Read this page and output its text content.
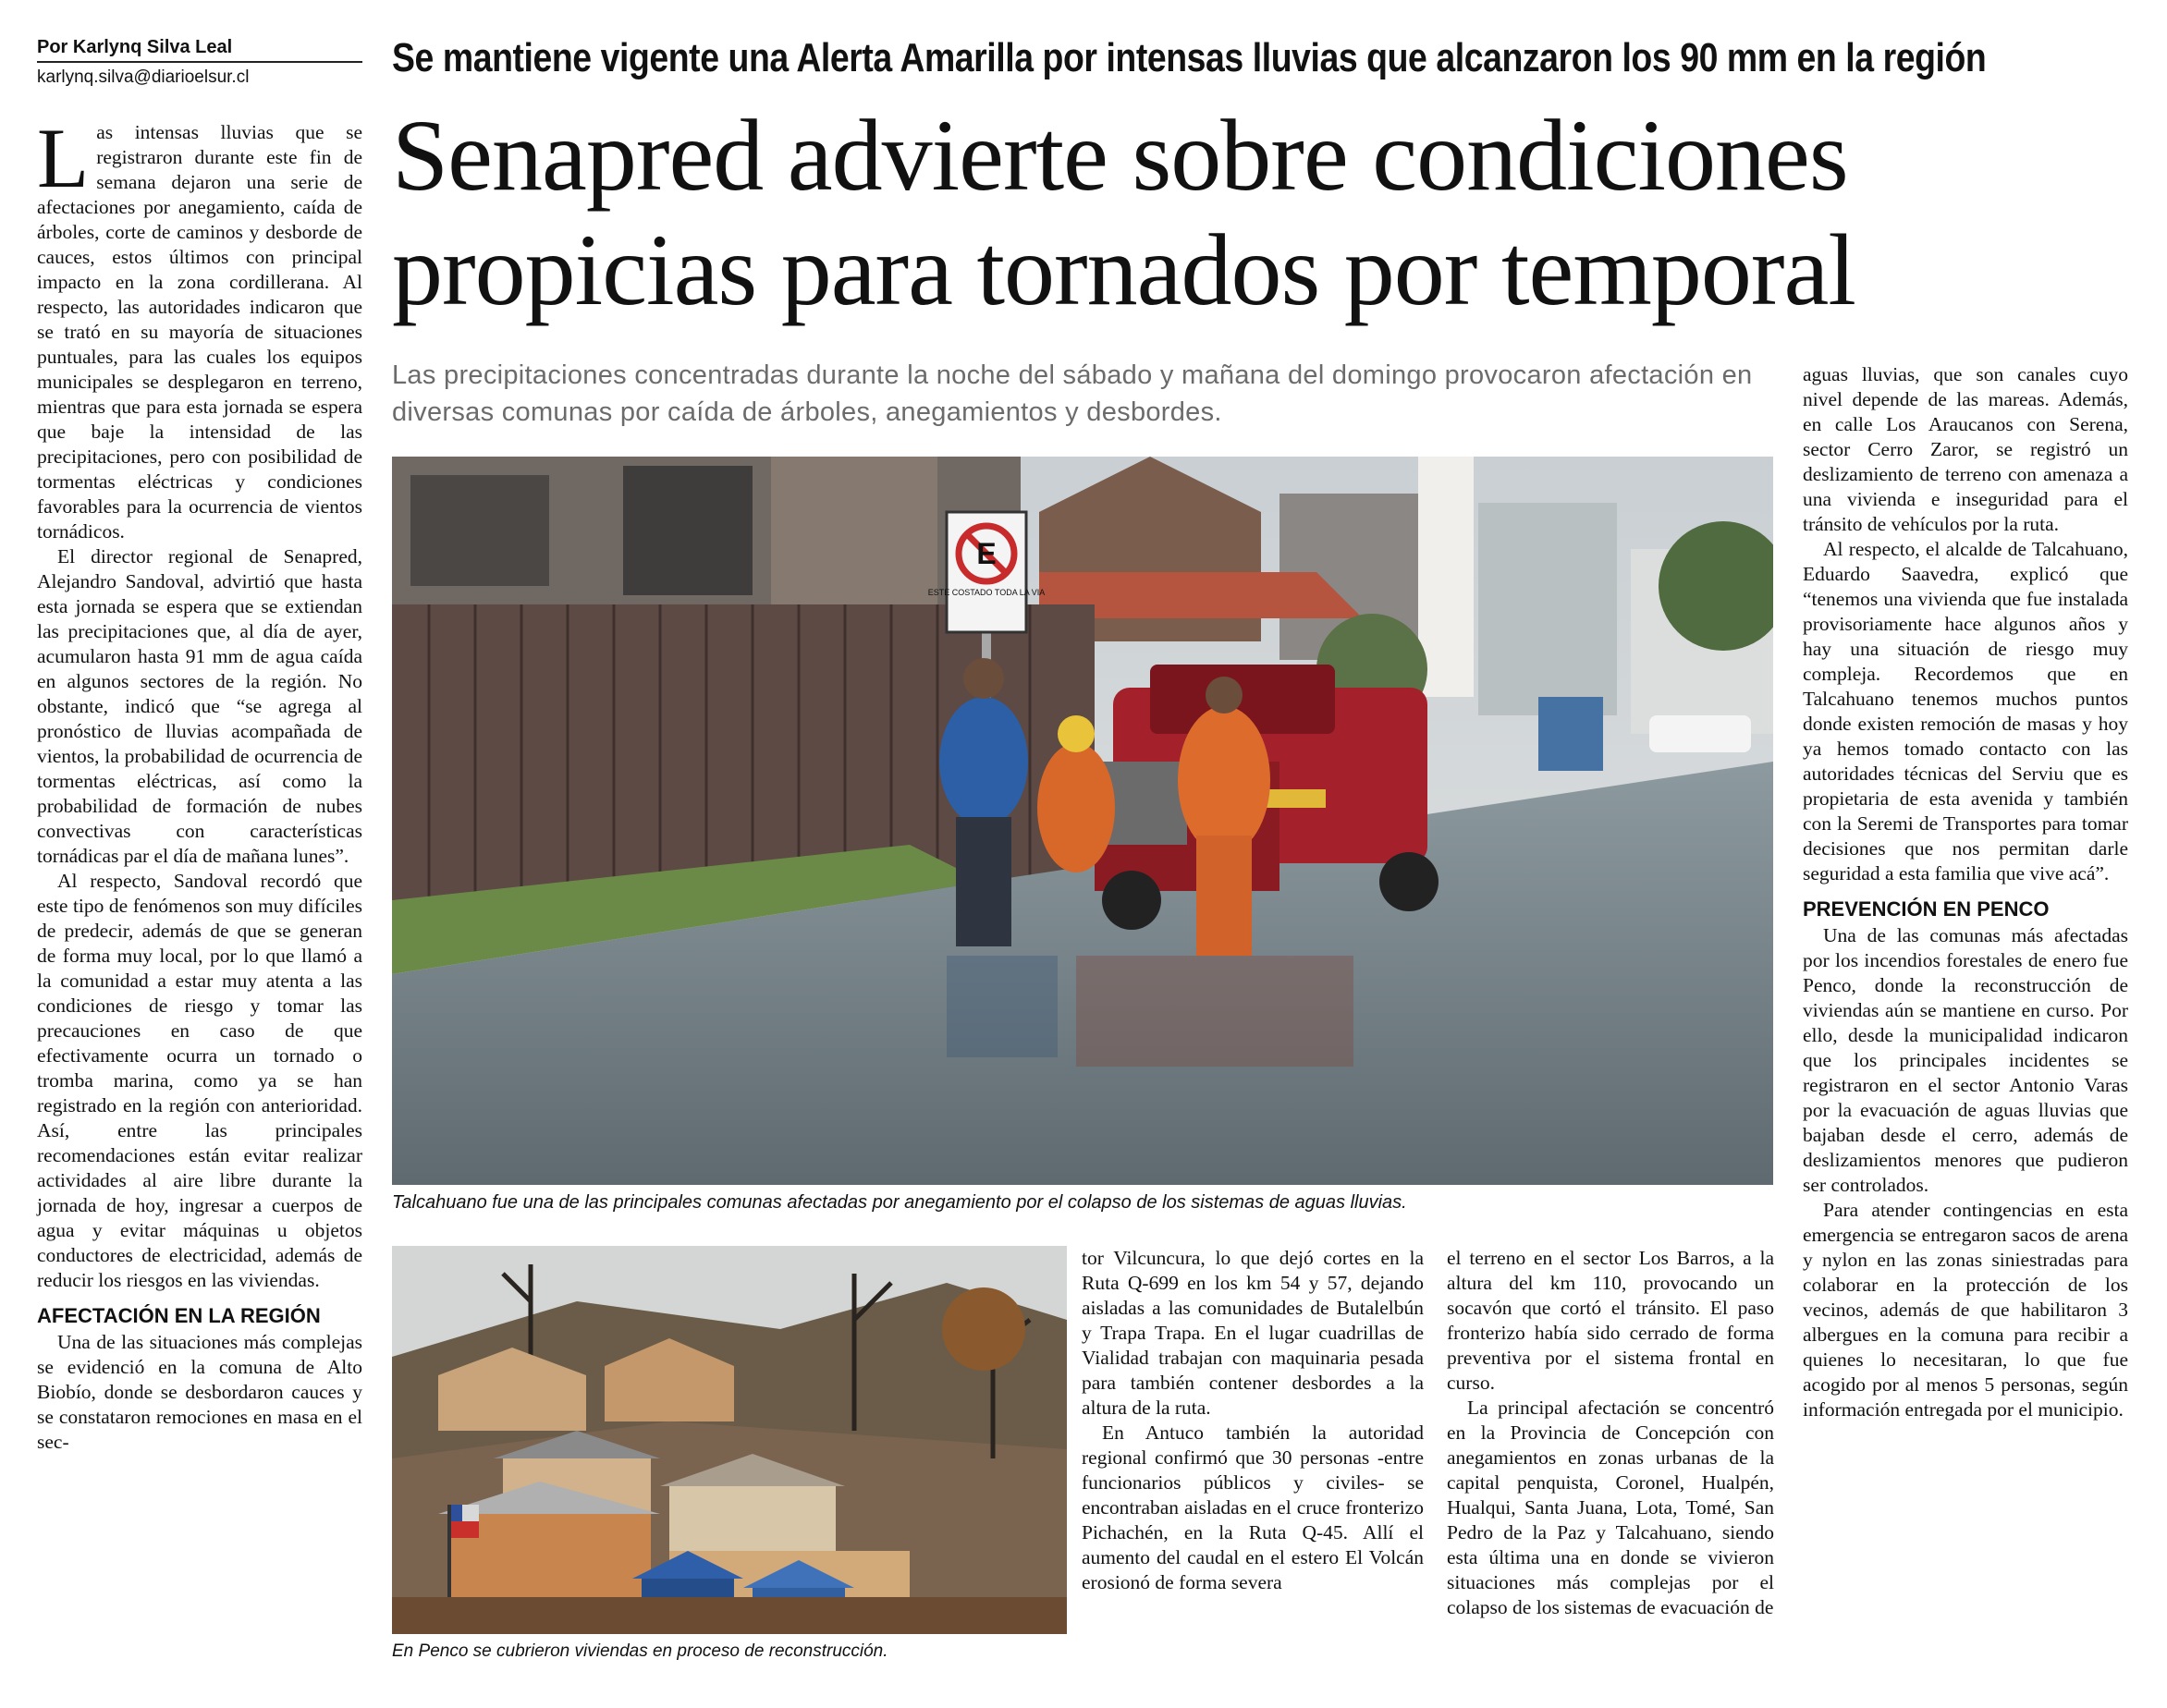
Por Karlynq Silva Leal
karlynq.silva@diarioelsur.cl	Se mantiene vigente una Alerta Amarilla por intensas lluvias que alcanzaron los 90 mm en la región
Senapred advierte sobre condiciones propicias para tornados por temporal
Las precipitaciones concentradas durante la noche del sábado y mañana del domingo provocaron afectación en diversas comunas por caída de árboles, anegamientos y desbordes.

Las intensas lluvias que se registraron durante este fin de semana dejaron una serie de afectaciones por anegamiento, caída de árboles, corte de caminos y desborde de cauces, estos últimos con principal impacto en la zona cordillerana. Al respecto, las autoridades indicaron que se trató en su mayoría de situaciones puntuales, para las cuales los equipos municipales se desplegaron en terreno, mientras que para esta jornada se espera que baje la intensidad de las precipitaciones, pero con posibilidad de tormentas eléctricas y condiciones favorables para la ocurrencia de vientos tornádicos.

El director regional de Senapred, Alejandro Sandoval, advirtió que hasta esta jornada se espera que se extiendan las precipitaciones que, al día de ayer, acumularon hasta 91 mm de agua caída en algunos sectores de la región. No obstante, indicó que “se agrega al pronóstico de lluvias acompañada de vientos, la probabilidad de ocurrencia de tormentas eléctricas, así como la probabilidad de formación de nubes convectivas con características tornádicas par el día de mañana lunes”.

Al respecto, Sandoval recordó que este tipo de fenómenos son muy difíciles de predecir, además de que se generan de forma muy local, por lo que llamó a la comunidad a estar muy atenta a las condiciones de riesgo y tomar las precauciones en caso de que efectivamente ocurra un tornado o tromba marina, como ya se han registrado en la región con anterioridad. Así, entre las principales recomendaciones están evitar realizar actividades al aire libre durante la jornada de hoy, ingresar a cuerpos de agua y evitar máquinas u objetos conductores de electricidad, además de reducir los riesgos en las viviendas.

AFECTACIÓN EN LA REGIÓN

Una de las situaciones más complejas se evidenció en la comuna de Alto Biobío, donde se desbordaron cauces y se constataron remociones en masa en el sec-

E
ESTE COSTADO TODA LA VIA
Talcahuano fue una de las principales comunas afectadas por anegamiento por el colapso de los sistemas de aguas lluvias.
En Penco se cubrieron viviendas en proceso de reconstrucción.

tor Vilcuncura, lo que dejó cortes en la Ruta Q-699 en los km 54 y 57, dejando aisladas a las comunidades de Butalelbún y Trapa Trapa. En el lugar cuadrillas de Vialidad trabajan con maquinaria pesada para también contener desbordes a la altura de la ruta.

En Antuco también la autoridad regional confirmó que 30 personas -entre funcionarios públicos y civiles- se encontraban aisladas en el cruce fronterizo Pichachén, en la Ruta Q-45. Allí el aumento del caudal en el estero El Volcán erosionó de forma severa

el terreno en el sector Los Barros, a la altura del km 110, provocando un socavón que cortó el tránsito. El paso fronterizo había sido cerrado de forma preventiva por el sistema frontal en curso.

La principal afectación se concentró en la Provincia de Concepción con anegamientos en zonas urbanas de la capital penquista, Coronel, Hualpén, Hualqui, Santa Juana, Lota, Tomé, San Pedro de la Paz y Talcahuano, siendo esta última una en donde se vivieron situaciones más complejas por el colapso de los sistemas de evacuación de

aguas lluvias, que son canales cuyo nivel depende de las mareas. Además, en calle Los Araucanos con Serena, sector Cerro Zaror, se registró un deslizamiento de terreno con amenaza a una vivienda e inseguridad para el tránsito de vehículos por la ruta.

Al respecto, el alcalde de Talcahuano, Eduardo Saavedra, explicó que “tenemos una vivienda que fue instalada provisoriamente hace algunos años y hay una situación de riesgo muy compleja. Recordemos que en Talcahuano tenemos muchos puntos donde existen remoción de masas y hoy ya hemos tomado contacto con las autoridades técnicas del Serviu que es propietaria de esta avenida y también con la Seremi de Transportes para tomar decisiones que nos permitan darle seguridad a esta familia que vive acá”.

PREVENCIÓN EN PENCO

Una de las comunas más afectadas por los incendios forestales de enero fue Penco, donde la reconstrucción de viviendas aún se mantiene en curso. Por ello, desde la municipalidad indicaron que los principales incidentes se registraron en el sector Antonio Varas por la evacuación de aguas lluvias que bajaban desde el cerro, además de deslizamientos menores que pudieron ser controlados.

Para atender contingencias en esta emergencia se entregaron sacos de arena y nylon en las zonas siniestradas para colaborar en la protección de los vecinos, además de que habilitaron 3 albergues en la comuna para recibir a quienes lo necesitaran, lo que fue acogido por al menos 5 personas, según información entregada por el municipio.
